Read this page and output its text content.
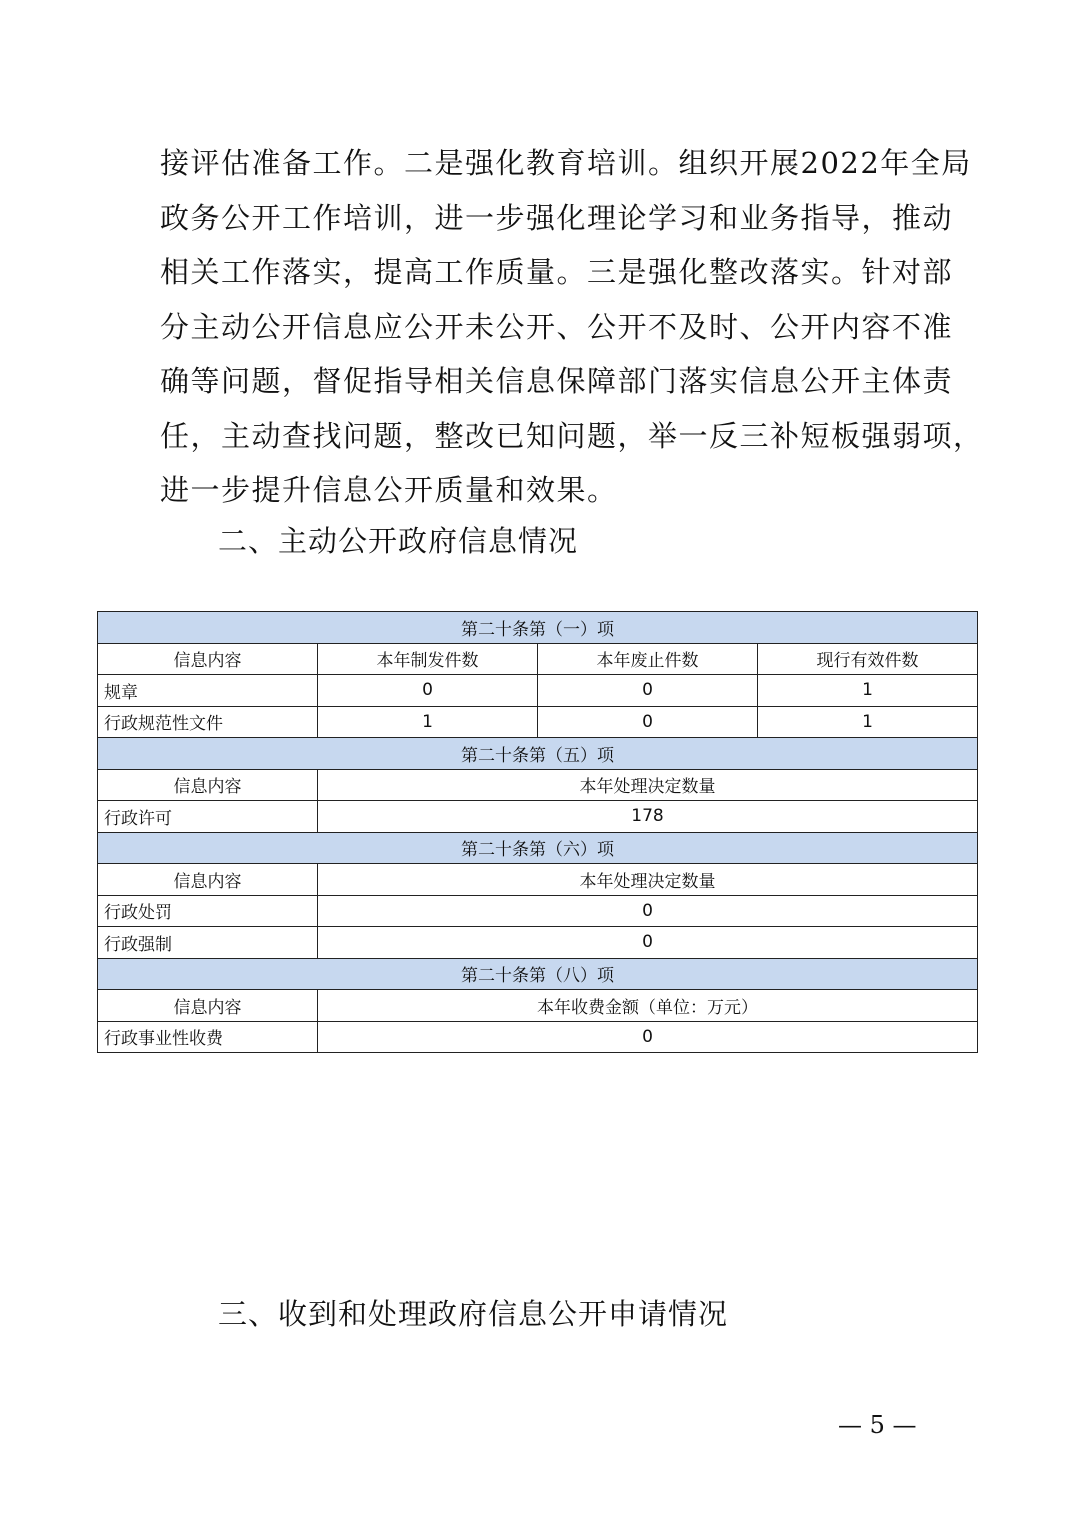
接评估准备工作。二是强化教育培训。组织开展2022年全局
政务公开工作培训，进一步强化理论学习和业务指导，推动
相关工作落实，提高工作质量。三是强化整改落实。针对部
分主动公开信息应公开未公开、公开不及时、公开内容不准
确等问题，督促指导相关信息保障部门落实信息公开主体责
任，主动查找问题，整改已知问题，举一反三补短板强弱项，
进一步提升信息公开质量和效果。
二、主动公开政府信息情况
第二十条第（一）项			
信息内容	本年制发件数	本年废止件数	现行有效件数
规章	0	0	1
行政规范性文件	1	0	1
第二十条第（五）项			
信息内容	本年处理决定数量		
行政许可	178		
第二十条第（六）项			
信息内容	本年处理决定数量		
行政处罚	0		
行政强制	0		
第二十条第（八）项			
信息内容	本年收费金额（单位：万元）		
行政事业性收费	0		
三、收到和处理政府信息公开申请情况
— 5 —
